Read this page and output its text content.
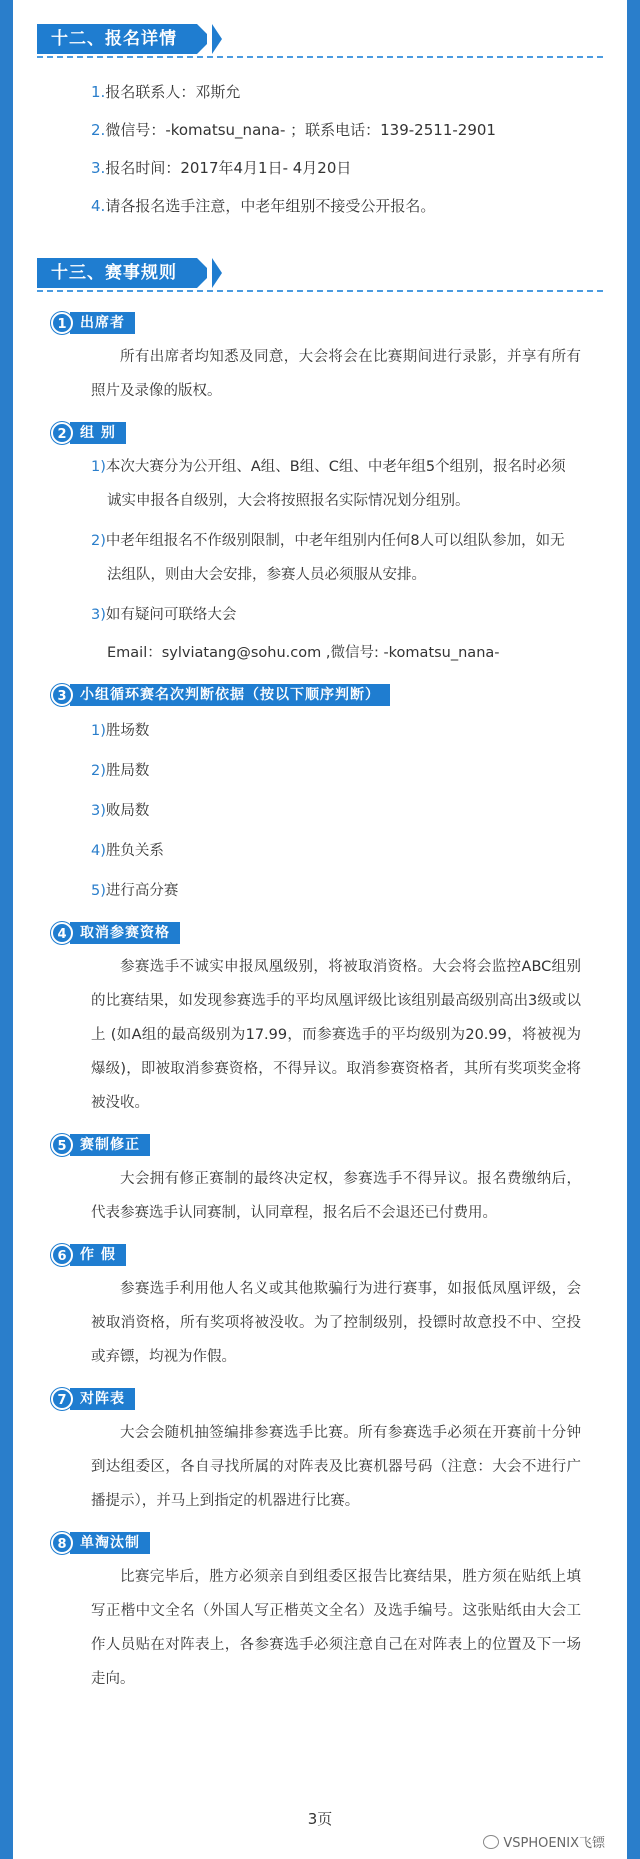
十二、报名详情
1.报名联系人：邓斯允
2.微信号：-komatsu_nana- ；联系电话：139-2511-2901
3.报名时间：2017年4月1日- 4月20日
4.请各报名选手注意，中老年组别不接受公开报名。
十三、赛事规则
1 出席者
所有出席者均知悉及同意，大会将会在比赛期间进行录影，并享有所有照片及录像的版权。
2 组 别
1)本次大赛分为公开组、A组、B组、C组、中老年组5个组别，报名时必须
诚实申报各自级别，大会将按照报名实际情况划分组别。
2)中老年组报名不作级别限制，中老年组别内任何8人可以组队参加，如无
法组队，则由大会安排，参赛人员必须服从安排。
3)如有疑问可联络大会
Email：sylviatang@sohu.com ,微信号: -komatsu_nana-
3 小组循环赛名次判断依据（按以下顺序判断）
1)胜场数
2)胜局数
3)败局数
4)胜负关系
5)进行高分赛
4 取消参赛资格
参赛选手不诚实申报凤凰级别，将被取消资格。大会将会监控ABC组别的比赛结果，如发现参赛选手的平均凤凰评级比该组别最高级别高出3级或以上 (如A组的最高级别为17.99，而参赛选手的平均级别为20.99，将被视为爆级)，即被取消参赛资格，不得异议。取消参赛资格者，其所有奖项奖金将被没收。
5 赛制修正
大会拥有修正赛制的最终决定权，参赛选手不得异议。报名费缴纳后，代表参赛选手认同赛制，认同章程，报名后不会退还已付费用。
6 作 假
参赛选手利用他人名义或其他欺骗行为进行赛事，如报低凤凰评级，会被取消资格，所有奖项将被没收。为了控制级别，投镖时故意投不中、空投或弃镖，均视为作假。
7 对阵表
大会会随机抽签编排参赛选手比赛。所有参赛选手必须在开赛前十分钟到达组委区，各自寻找所属的对阵表及比赛机器号码（注意：大会不进行广播提示），并马上到指定的机器进行比赛。
8 单淘汰制
比赛完毕后，胜方必须亲自到组委区报告比赛结果，胜方须在贴纸上填写正楷中文全名（外国人写正楷英文全名）及选手编号。这张贴纸由大会工作人员贴在对阵表上，各参赛选手必须注意自己在对阵表上的位置及下一场走向。
3页
VSPHOENIX飞镖
